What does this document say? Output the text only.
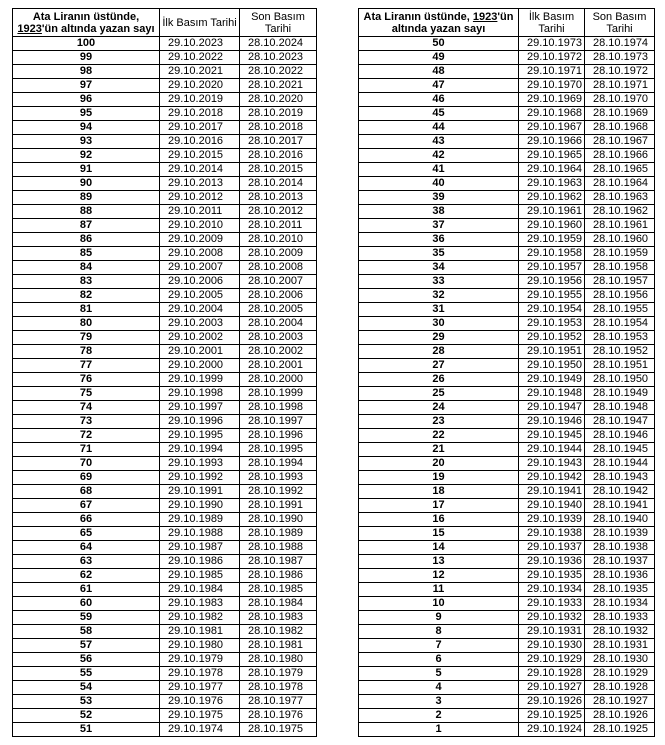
Ata Liranın üstünde,
1923'ün altında yazan sayı	İlk Basım Tarihi	Son Basım Tarihi
100	29.10.2023	28.10.2024
99	29.10.2022	28.10.2023
98	29.10.2021	28.10.2022
97	29.10.2020	28.10.2021
96	29.10.2019	28.10.2020
95	29.10.2018	28.10.2019
94	29.10.2017	28.10.2018
93	29.10.2016	28.10.2017
92	29.10.2015	28.10.2016
91	29.10.2014	28.10.2015
90	29.10.2013	28.10.2014
89	29.10.2012	28.10.2013
88	29.10.2011	28.10.2012
87	29.10.2010	28.10.2011
86	29.10.2009	28.10.2010
85	29.10.2008	28.10.2009
84	29.10.2007	28.10.2008
83	29.10.2006	28.10.2007
82	29.10.2005	28.10.2006
81	29.10.2004	28.10.2005
80	29.10.2003	28.10.2004
79	29.10.2002	28.10.2003
78	29.10.2001	28.10.2002
77	29.10.2000	28.10.2001
76	29.10.1999	28.10.2000
75	29.10.1998	28.10.1999
74	29.10.1997	28.10.1998
73	29.10.1996	28.10.1997
72	29.10.1995	28.10.1996
71	29.10.1994	28.10.1995
70	29.10.1993	28.10.1994
69	29.10.1992	28.10.1993
68	29.10.1991	28.10.1992
67	29.10.1990	28.10.1991
66	29.10.1989	28.10.1990
65	29.10.1988	28.10.1989
64	29.10.1987	28.10.1988
63	29.10.1986	28.10.1987
62	29.10.1985	28.10.1986
61	29.10.1984	28.10.1985
60	29.10.1983	28.10.1984
59	29.10.1982	28.10.1983
58	29.10.1981	28.10.1982
57	29.10.1980	28.10.1981
56	29.10.1979	28.10.1980
55	29.10.1978	28.10.1979
54	29.10.1977	28.10.1978
53	29.10.1976	28.10.1977
52	29.10.1975	28.10.1976
51	29.10.1974	28.10.1975
Ata Liranın üstünde, 1923'ün altında yazan sayı	İlk Basım Tarihi	Son Basım Tarihi
50	29.10.1973	28.10.1974
49	29.10.1972	28.10.1973
48	29.10.1971	28.10.1972
47	29.10.1970	28.10.1971
46	29.10.1969	28.10.1970
45	29.10.1968	28.10.1969
44	29.10.1967	28.10.1968
43	29.10.1966	28.10.1967
42	29.10.1965	28.10.1966
41	29.10.1964	28.10.1965
40	29.10.1963	28.10.1964
39	29.10.1962	28.10.1963
38	29.10.1961	28.10.1962
37	29.10.1960	28.10.1961
36	29.10.1959	28.10.1960
35	29.10.1958	28.10.1959
34	29.10.1957	28.10.1958
33	29.10.1956	28.10.1957
32	29.10.1955	28.10.1956
31	29.10.1954	28.10.1955
30	29.10.1953	28.10.1954
29	29.10.1952	28.10.1953
28	29.10.1951	28.10.1952
27	29.10.1950	28.10.1951
26	29.10.1949	28.10.1950
25	29.10.1948	28.10.1949
24	29.10.1947	28.10.1948
23	29.10.1946	28.10.1947
22	29.10.1945	28.10.1946
21	29.10.1944	28.10.1945
20	29.10.1943	28.10.1944
19	29.10.1942	28.10.1943
18	29.10.1941	28.10.1942
17	29.10.1940	28.10.1941
16	29.10.1939	28.10.1940
15	29.10.1938	28.10.1939
14	29.10.1937	28.10.1938
13	29.10.1936	28.10.1937
12	29.10.1935	28.10.1936
11	29.10.1934	28.10.1935
10	29.10.1933	28.10.1934
9	29.10.1932	28.10.1933
8	29.10.1931	28.10.1932
7	29.10.1930	28.10.1931
6	29.10.1929	28.10.1930
5	29.10.1928	28.10.1929
4	29.10.1927	28.10.1928
3	29.10.1926	28.10.1927
2	29.10.1925	28.10.1926
1	29.10.1924	28.10.1925
